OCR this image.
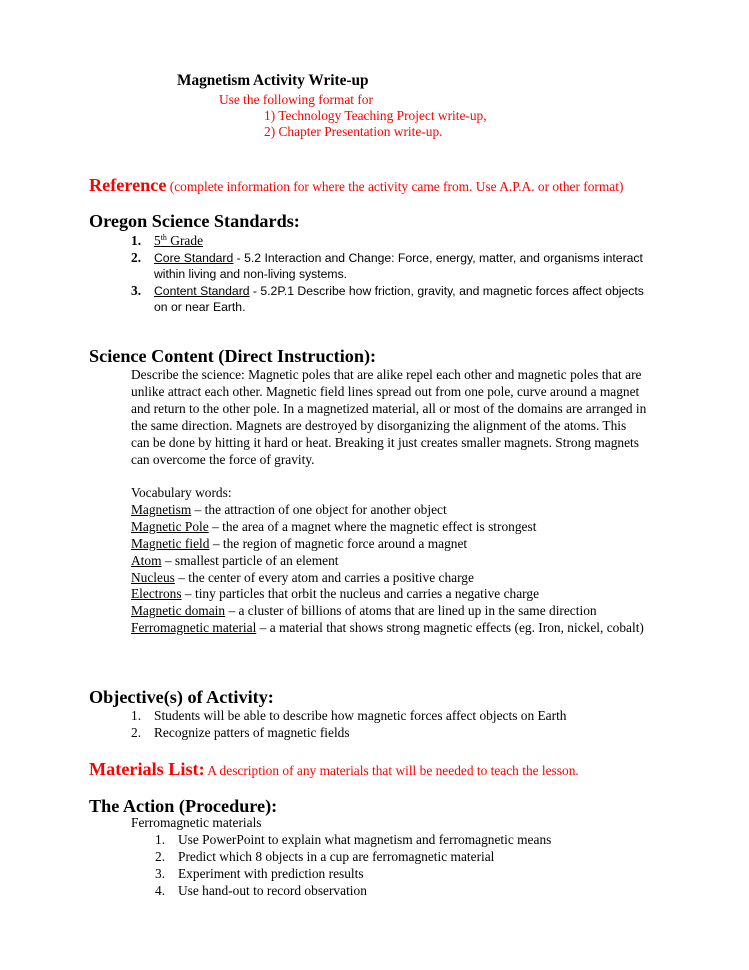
Magnetism Activity Write-up
Use the following format for
1) Technology Teaching Project write-up,
2) Chapter Presentation write-up.
Reference (complete information for where the activity came from. Use A.P.A. or other format)
Oregon Science Standards:
1. 5th Grade
2. Core Standard - 5.2 Interaction and Change: Force, energy, matter, and organisms interact
within living and non-living systems.
3. Content Standard - 5.2P.1 Describe how friction, gravity, and magnetic forces affect objects
on or near Earth.
Science Content (Direct Instruction):
Describe the science: Magnetic poles that are alike repel each other and magnetic poles that are
unlike attract each other. Magnetic field lines spread out from one pole, curve around a magnet
and return to the other pole. In a magnetized material, all or most of the domains are arranged in
the same direction. Magnets are destroyed by disorganizing the alignment of the atoms. This
can be done by hitting it hard or heat. Breaking it just creates smaller magnets. Strong magnets
can overcome the force of gravity.
Vocabulary words:
Magnetism – the attraction of one object for another object
Magnetic Pole – the area of a magnet where the magnetic effect is strongest
Magnetic field – the region of magnetic force around a magnet
Atom – smallest particle of an element
Nucleus – the center of every atom and carries a positive charge
Electrons – tiny particles that orbit the nucleus and carries a negative charge
Magnetic domain – a cluster of billions of atoms that are lined up in the same direction
Ferromagnetic material – a material that shows strong magnetic effects (eg. Iron, nickel, cobalt)
Objective(s) of Activity:
1. Students will be able to describe how magnetic forces affect objects on Earth
2. Recognize patters of magnetic fields
Materials List: A description of any materials that will be needed to teach the lesson.
The Action (Procedure):
Ferromagnetic materials
1. Use PowerPoint to explain what magnetism and ferromagnetic means
2. Predict which 8 objects in a cup are ferromagnetic material
3. Experiment with prediction results
4. Use hand-out to record observation
